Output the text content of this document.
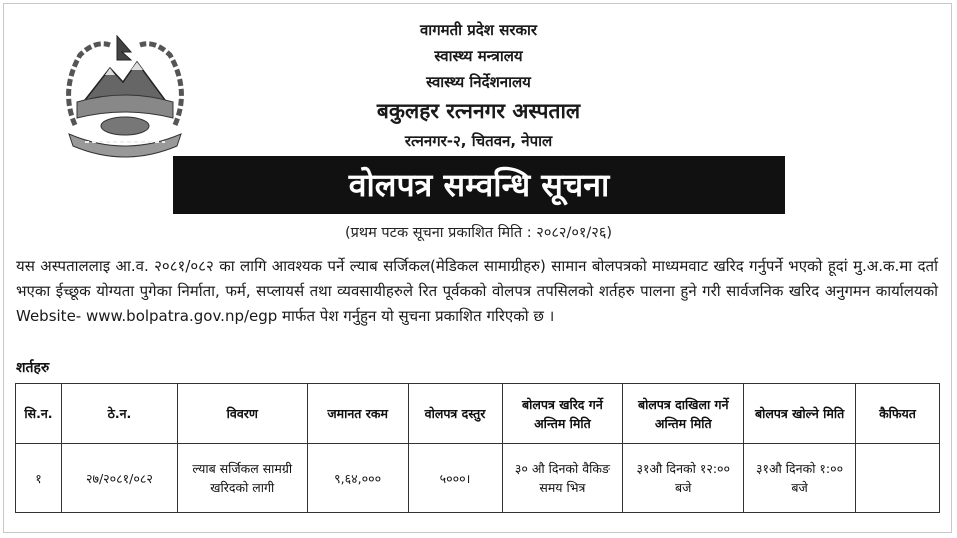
वागमती प्रदेश सरकार
स्वास्थ्य मन्त्रालय
स्वास्थ्य निर्देशनालय
बकुलहर रत्ननगर अस्पताल
रत्ननगर-२, चितवन, नेपाल
वोलपत्र सम्वन्धि सूचना
(प्रथम पटक सूचना प्रकाशित मिति : २०८२/०१/२६)
यस अस्पताललाइ आ.व. २०८१/०८२ का लागि आवश्यक पर्ने ल्याब सर्जिकल(मेडिकल सामाग्रीहरु) सामान बोलपत्रको माध्यमवाट खरिद गर्नुपर्ने भएको हूदां मु.अ.क.मा दर्ता भएका ईच्छूक योग्यता पुगेका निर्माता, फर्म, सप्लायर्स तथा व्यवसायीहरुले रित पूर्वकको वोलपत्र तपसिलको शर्तहरु पालना हुने गरी सार्वजनिक खरिद अनुगमन कार्यालयको Website- www.bolpatra.gov.np/egp मार्फत पेश गर्नुहुन यो सुचना प्रकाशित गरिएको छ ।
शर्तहरु
सि.न.	ठे.न.	विवरण	जमानत रकम	वोलपत्र दस्तुर	बोलपत्र खरिद गर्ने अन्तिम मिति	बोलपत्र दाखिला गर्ने अन्तिम मिति	बोलपत्र खोल्ने मिति	कैफियत
१	२७/२०८१/०८२	ल्याब सर्जिकल सामग्री खरिदको लागी	९,६४,०००	५०००।	३० औ दिनको वैकिङ समय भित्र	३१औ दिनको १२:०० बजे	३१औ दिनको १:०० बजे	
